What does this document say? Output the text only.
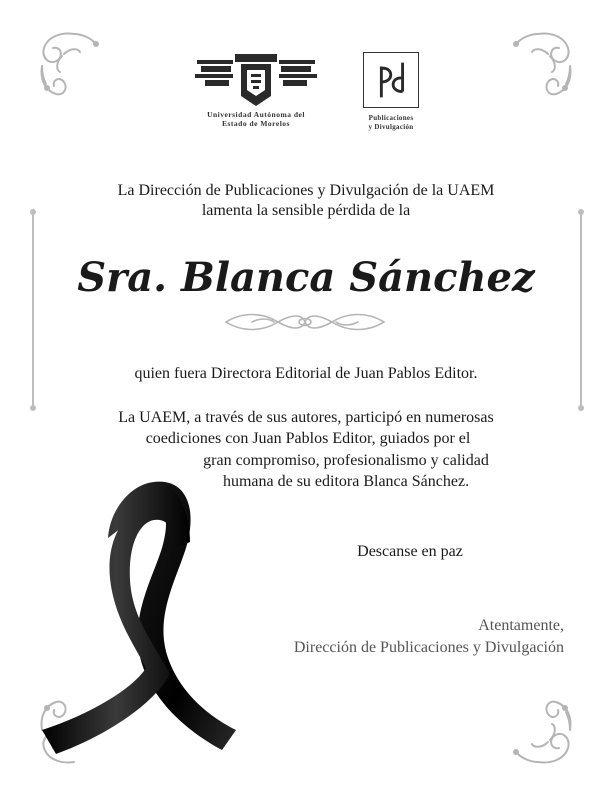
Universidad Autónoma del
Estado de Morelos
Publicaciones
y Divulgación
La Dirección de Publicaciones y Divulgación de la UAEM
lamenta la sensible pérdida de la
Sra. Blanca Sánchez
quien fuera Directora Editorial de Juan Pablos Editor.
La UAEM, a través de sus autores, participó en numerosas
coediciones con Juan Pablos Editor, guiados por el
gran compromiso, profesionalismo y calidad
humana de su editora Blanca Sánchez.
Descanse en paz
Atentamente,
Dirección de Publicaciones y Divulgación
